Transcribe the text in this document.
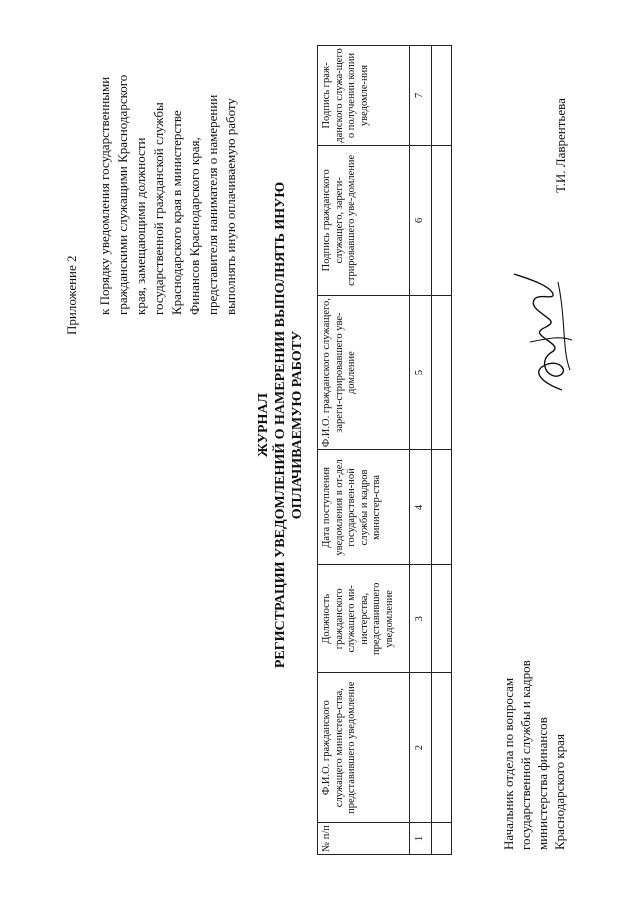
Приложение 2 к Порядку уведомления государственными гражданскими служащими Краснодарского края, замещающими должности государственной гражданской службы Краснодарского края в министерстве Финансов Краснодарского края, представителя нанимателя о намерении выполнять иную оплачиваемую работу
ЖУРНАЛ РЕГИСТРАЦИИ УВЕДОМЛЕНИЙ О НАМЕРЕНИИ ВЫПОЛНЯТЬ ИНУЮ ОПЛАЧИВАЕМУЮ РАБОТУ
№ п/п	Ф.И.О. гражданского служащего министер-ства, представившего уведомление	Должность гражданского служащего ми-нистерства, представившего уведомление	Дата поступления уведомления в от-дел государствен-ной службы и кадров министер-ства	Ф.И.О. гражданского служащего, зареги-стрировавшего уве-домление	Подпись гражданского служащего, зареги-стрировавшего уве-домление	Подпись граж-данского служа-щего о получении копии уведомле-ния
1	2	3	4	5	6	7

Начальник отдела по вопросам государственной службы и кадров министерства финансов Краснодарского края
Т.И. Лаврентьева
